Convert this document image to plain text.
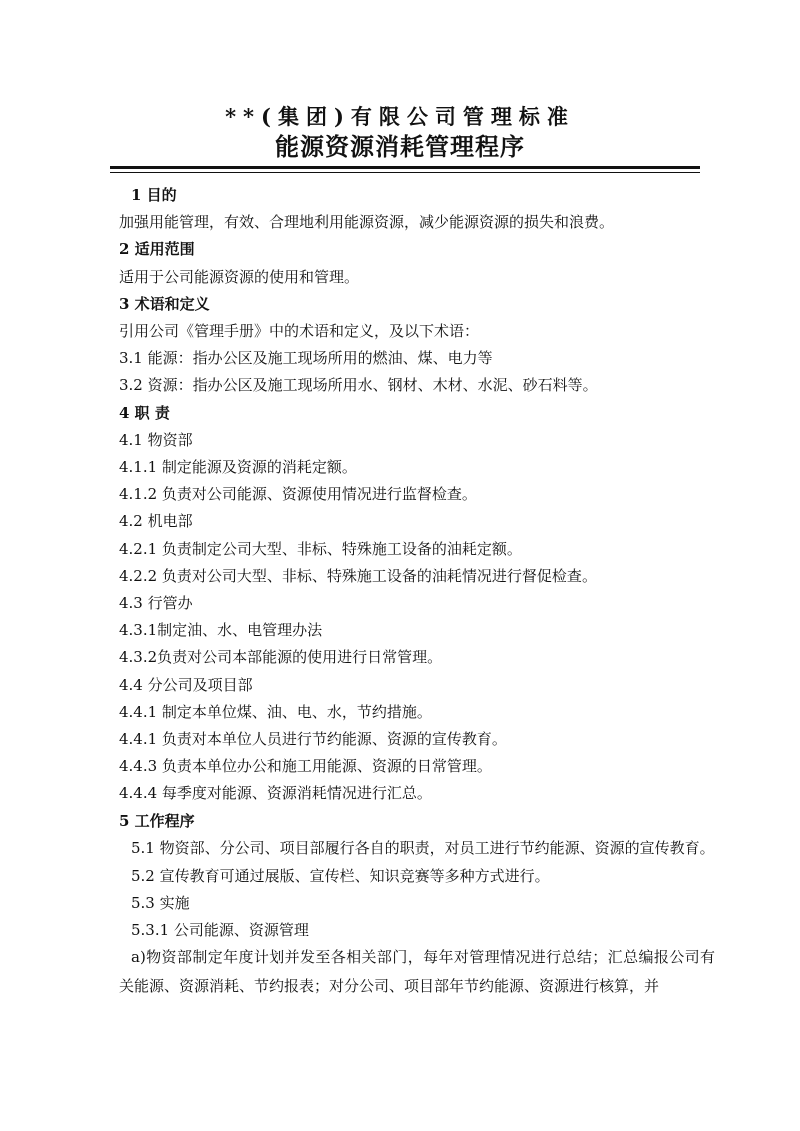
**(集团)有限公司管理标准
能源资源消耗管理程序

1 目的

加强用能管理，有效、合理地利用能源资源，减少能源资源的损失和浪费。

2 适用范围

适用于公司能源资源的使用和管理。

3 术语和定义

引用公司《管理手册》中的术语和定义，及以下术语：

3.1 能源：指办公区及施工现场所用的燃油、煤、电力等

3.2 资源：指办公区及施工现场所用水、钢材、木材、水泥、砂石料等。

4 职 责

4.1 物资部

4.1.1 制定能源及资源的消耗定额。

4.1.2 负责对公司能源、资源使用情况进行监督检查。

4.2 机电部

4.2.1 负责制定公司大型、非标、特殊施工设备的油耗定额。

4.2.2 负责对公司大型、非标、特殊施工设备的油耗情况进行督促检查。

4.3 行管办

4.3.1制定油、水、电管理办法

4.3.2负责对公司本部能源的使用进行日常管理。

4.4 分公司及项目部

4.4.1 制定本单位煤、油、电、水，节约措施。

4.4.1 负责对本单位人员进行节约能源、资源的宣传教育。

4.4.3 负责本单位办公和施工用能源、资源的日常管理。

4.4.4 每季度对能源、资源消耗情况进行汇总。

5 工作程序

5.1 物资部、分公司、项目部履行各自的职责，对员工进行节约能源、资源的宣传教育。

5.2 宣传教育可通过展版、宣传栏、知识竞赛等多种方式进行。

5.3 实施

5.3.1 公司能源、资源管理

a)物资部制定年度计划并发至各相关部门，每年对管理情况进行总结；汇总编报公司有关能源、资源消耗、节约报表；对分公司、项目部年节约能源、资源进行核算，并
